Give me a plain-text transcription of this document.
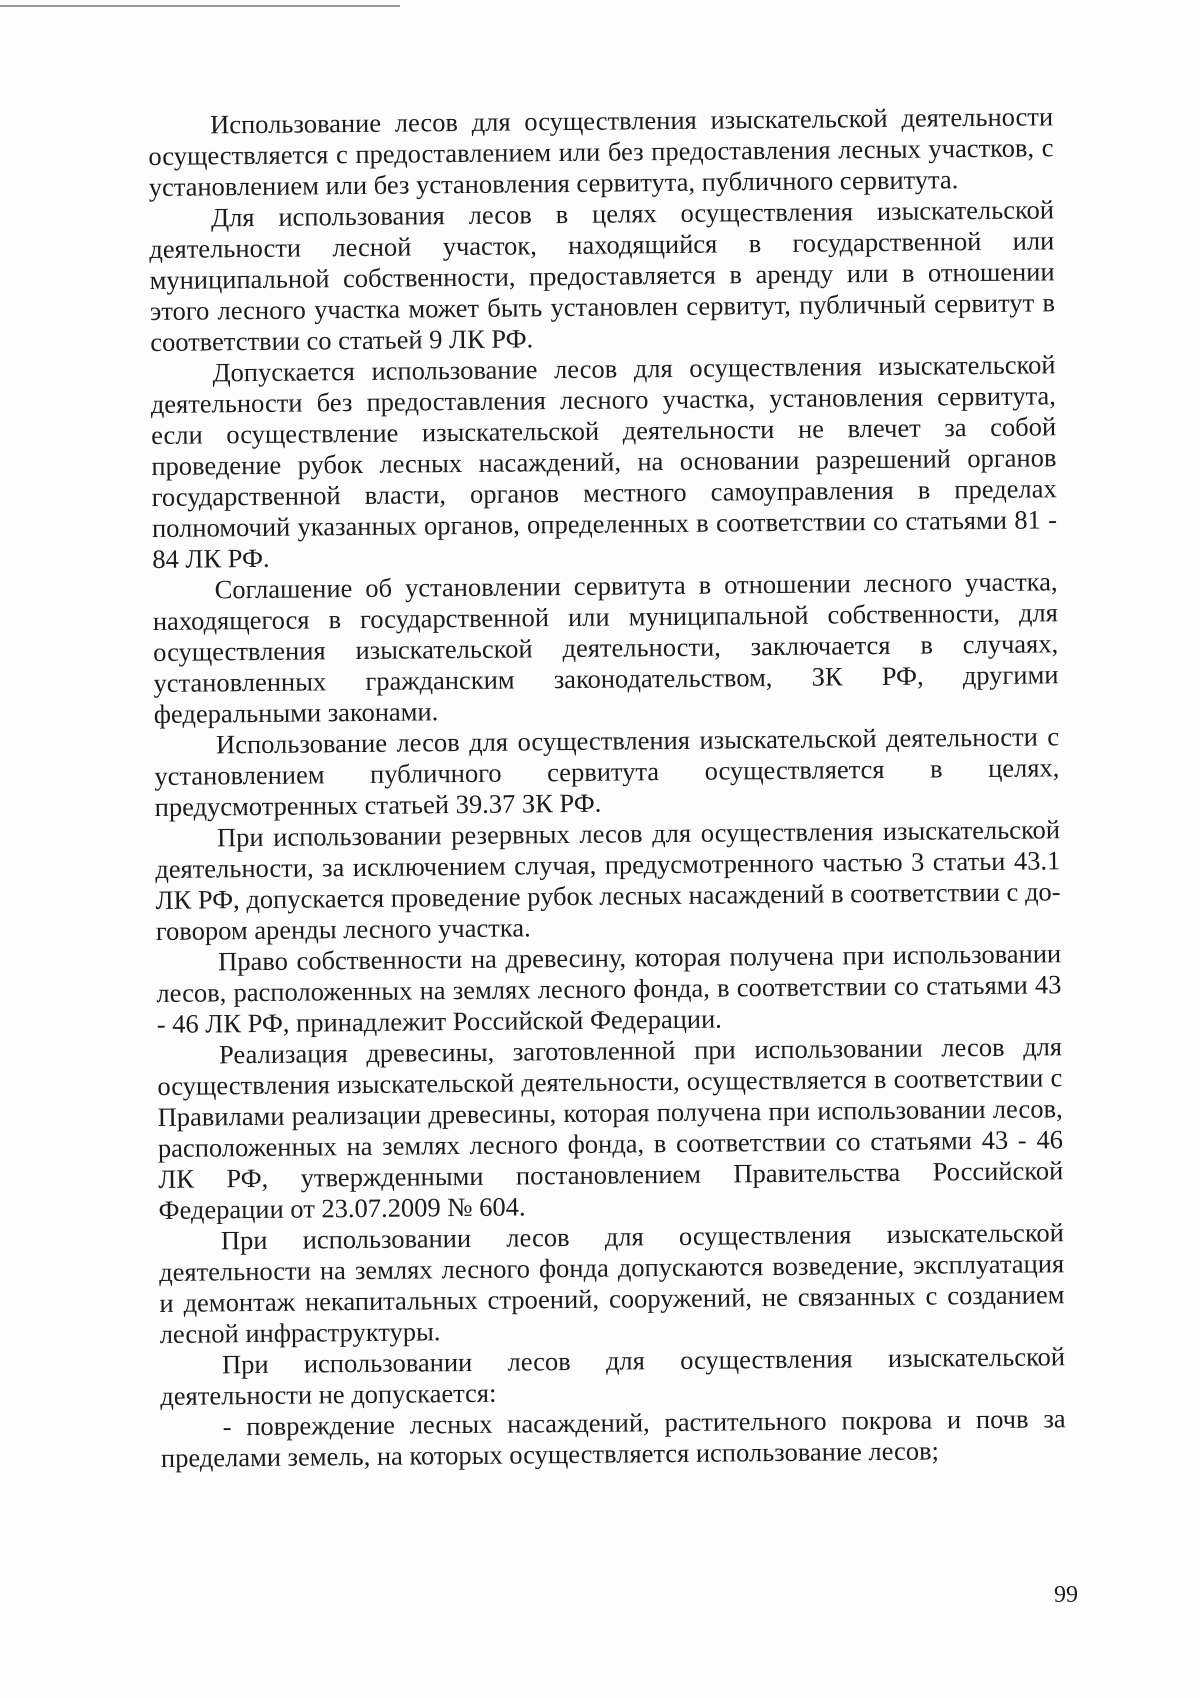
Использование лесов для осуществления изыскательской деятельности осуществляется с предоставлением или без предоставления лесных участков, с установлением или без установления сервитута, публичного сервитута.

Для использования лесов в целях осуществления изыскательской деятельности лесной участок, находящийся в государственной или муниципальной собственности, предоставляется в аренду или в отношении этого лесного участка может быть установлен сервитут, публичный сервитут в соответствии со статьей 9 ЛК РФ.

Допускается использование лесов для осуществления изыскательской деятельности без предоставления лесного участка, установления сервитута, если осуществление изыскательской деятельности не влечет за собой проведение рубок лесных насаждений, на основании разрешений органов государственной власти, органов местного самоуправления в пределах полномочий указанных органов, определенных в соответствии со статьями 81 - 84 ЛК РФ.

Соглашение об установлении сервитута в отношении лесного участка, находящегося в государственной или муниципальной собственности, для осуществления изыскательской деятельности, заключается в случаях, установленных гражданским законодательством, ЗК РФ, другими федеральными законами.

Использование лесов для осуществления изыскательской деятельности с установлением публичного сервитута осуществляется в целях, предусмотренных статьей 39.37 ЗК РФ.

При использовании резервных лесов для осуществления изыскательской деятельности, за исключением случая, предусмотренного частью 3 статьи 43.1 ЛК РФ, допускается проведение рубок лесных насаждений в соответствии с до-говором аренды лесного участка.

Право собственности на древесину, которая получена при использовании лесов, расположенных на землях лесного фонда, в соответствии со статьями 43 - 46 ЛК РФ, принадлежит Российской Федерации.

Реализация древесины, заготовленной при использовании лесов для осуществления изыскательской деятельности, осуществляется в соответствии с Правилами реализации древесины, которая получена при использовании лесов, расположенных на землях лесного фонда, в соответствии со статьями 43 - 46 ЛК РФ, утвержденными постановлением Правительства Российской Федерации от 23.07.2009 № 604.

При использовании лесов для осуществления изыскательской деятельности на землях лесного фонда допускаются возведение, эксплуатация и демонтаж некапитальных строений, сооружений, не связанных с созданием лесной инфраструктуры.

При использовании лесов для осуществления изыскательской деятельности не допускается:

- повреждение лесных насаждений, растительного покрова и почв за пределами земель, на которых осуществляется использование лесов;

99
